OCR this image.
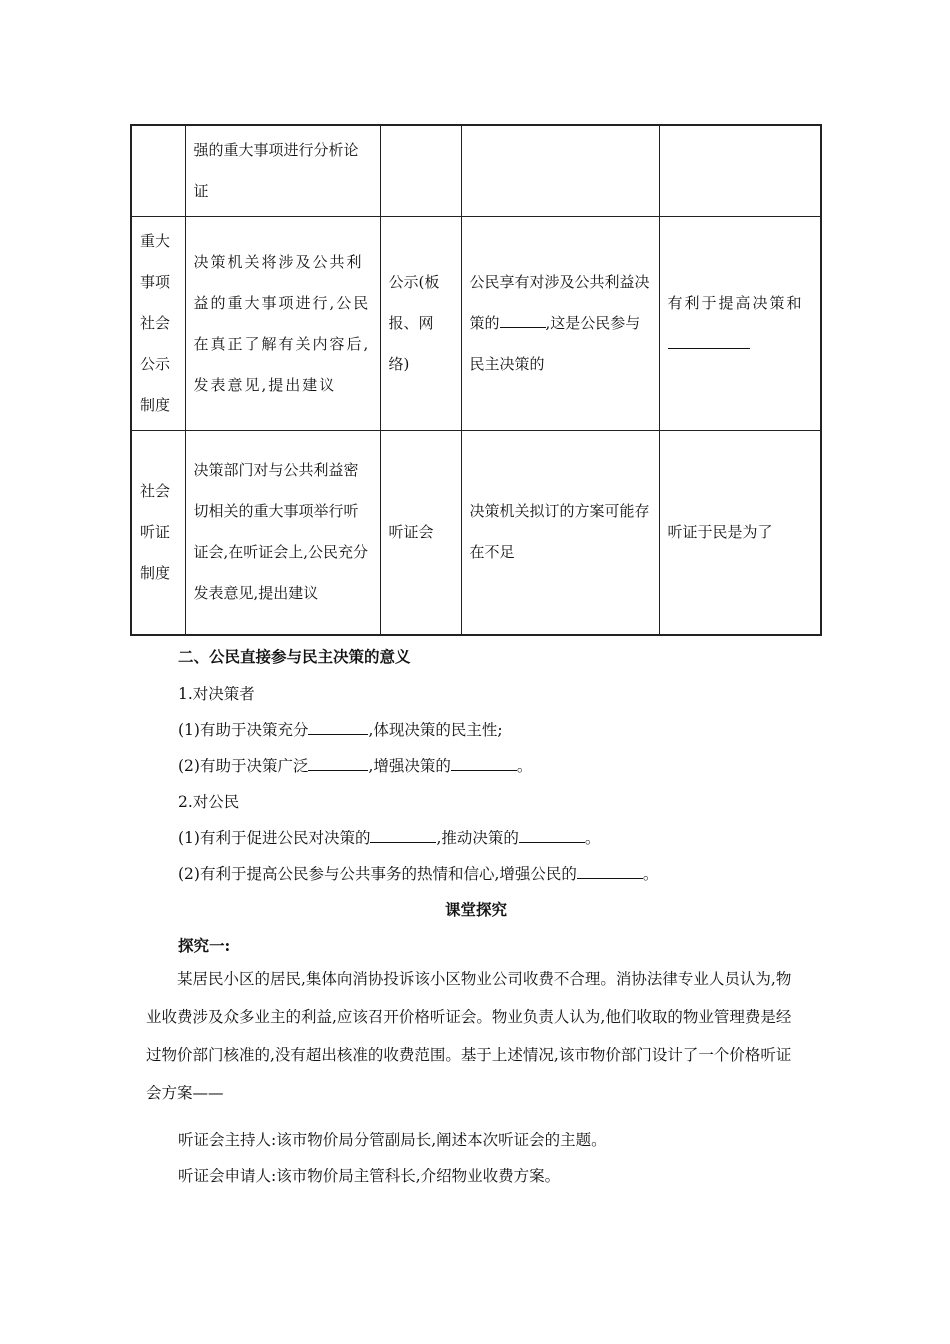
	强的重大事项进行分析论证			
重大事项社会公示制度	决策机关将涉及公共利益的重大事项进行,公民在真正了解有关内容后,发表意见,提出建议	公示(板报、网络)	公民享有对涉及公共利益决策的 ,这是公民参与民主决策的	有利于提高决策和
社会听证制度	决策部门对与公共利益密切相关的重大事项举行听证会,在听证会上,公民充分发表意见,提出建议	听证会	决策机关拟订的方案可能存在不足	听证于民是为了
二、公民直接参与民主决策的意义
1.对决策者
(1)有助于决策充分	,体现决策的民主性;
(2)有助于决策广泛	,增强决策的	。
2.对公民
(1)有利于促进公民对决策的	,推动决策的	。
(2)有利于提高公民参与公共事务的热情和信心,增强公民的	。
课堂探究
探究一:
某居民小区的居民,集体向消协投诉该小区物业公司收费不合理。消协法律专业人员认为,物业收费涉及众多业主的利益,应该召开价格听证会。物业负责人认为,他们收取的物业管理费是经过物价部门核准的,没有超出核准的收费范围。基于上述情况,该市物价部门设计了一个价格听证会方案——
听证会主持人:该市物价局分管副局长,阐述本次听证会的主题。
听证会申请人:该市物价局主管科长,介绍物业收费方案。
